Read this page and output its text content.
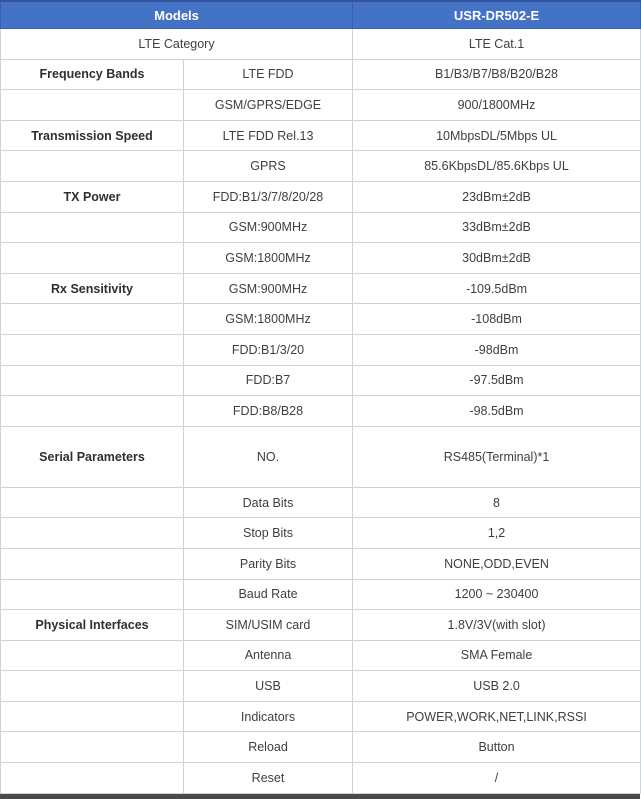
Models		USR-DR502-E
LTE Category		LTE Cat.1
Frequency Bands	LTE FDD	B1/B3/B7/B8/B20/B28
	GSM/GPRS/EDGE	900/1800MHz
Transmission Speed	LTE FDD Rel.13	10MbpsDL/5Mbps UL
	GPRS	85.6KbpsDL/85.6Kbps UL
TX Power	FDD:B1/3/7/8/20/28	23dBm±2dB
	GSM:900MHz	33dBm±2dB
	GSM:1800MHz	30dBm±2dB
Rx Sensitivity	GSM:900MHz	-109.5dBm
	GSM:1800MHz	-108dBm
	FDD:B1/3/20	-98dBm
	FDD:B7	-97.5dBm
	FDD:B8/B28	-98.5dBm
Serial Parameters	NO.	RS485(Terminal)*1
	Data Bits	8
	Stop Bits	1,2
	Parity Bits	NONE,ODD,EVEN
	Baud Rate	1200 ~ 230400
Physical Interfaces	SIM/USIM card	1.8V/3V(with slot)
	Antenna	SMA Female
	USB	USB 2.0
	Indicators	POWER,WORK,NET,LINK,RSSI
	Reload	Button
	Reset	/
